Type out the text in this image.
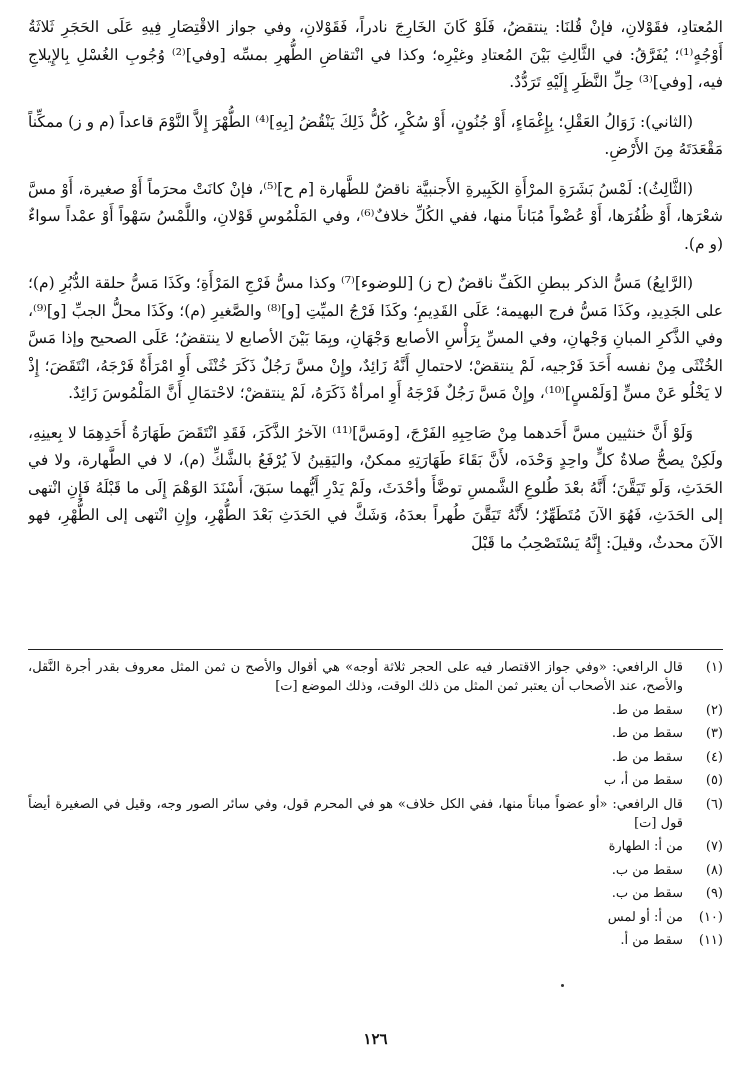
المُعتادِ، فقَوْلانِ، فإنْ قُلنَا: ينتقضُ، فَلَوْ كَانَ الخَارِجَ نادراً، فَقَوْلانِ، وفي جواز الاقْتِصَارِ فِيهِ عَلَى الحَجَرِ ثَلاثَةُ أَوْجُهٍ⁽¹⁾؛ يُفَرَّقُ: في الثَّالِثِ بَيْنَ المُعتادِ وغيْرِه؛ وكذا في انْتقاضِ الطُّهرِ بمسِّه [وفي]⁽²⁾ وُجُوبِ الغُسْلِ بِالإِيلاجِ فيه، [وفي]⁽³⁾ حِلِّ النَّظَرِ إِلَيْهِ تَرَدُّدٌ.

(الثاني): زَوَالُ العَقْلِ؛ بِإِغْمَاءٍ، أَوْ جُنُونٍ، أَوْ سُكْرٍ، كُلُّ ذَلِكَ يَنْقُضُ [بِهِ]⁽⁴⁾ الطُّهْرَ إِلاَّ النَّوْمَ قاعداً (م و ز) ممكِّناً مَقْعَدَتَهُ مِنَ الأَرْضِ.

(الثَّالِثُ): لَمْسُ بَشَرَةِ المرْأَةِ الكَبِيرةِ الأَجنبيَّة ناقضٌ للطَّهارة [م ح]⁽⁵⁾، فإنْ كانَتْ محرَماً أَوْ صغيرة، أَوْ مسَّ شعْرَها، أَوْ ظُفُرَها، أَوْ عُضْواً مُبَاناً منها، ففي الكُلِّ خلافٌ⁽⁶⁾، وفي المَلْمُوسِ قَوْلانِ، واللَّمْسُ سَهْواً أَوْ عمْداً سواءٌ (و م).

(الرَّابِعُ) مَسُّ الذكر ببطنِ الكَفِّ ناقضٌ (ح ز) [للوضوء]⁽⁷⁾ وكذا مسُّ فَرْجِ المَرْأَةِ؛ وكَذَا مَسُّ حلقة الدُّبُرِ (م)؛ على الجَدِيدِ، وكَذَا مَسُّ فرج البهيمة؛ عَلَى القَدِيمِ؛ وكَذَا فَرْجُ الميِّتِ [و]⁽⁸⁾ والصَّغيرِ (م)؛ وكَذَا محلُّ الجبِّ [و]⁽⁹⁾، وفي الذَّكرِ المبانِ وَجْهانِ، وفي المسِّ بِرَأْسِ الأصابع وَجْهَانِ، وبِمَا بَيْنَ الأصابع لا ينتقضُ؛ عَلَى الصحيح وإذا مَسَّ الخُنْثَى مِنْ نفسه أَحَدَ فَرْجيه، لَمْ ينتقضْ؛ لاحتمالِ أَنَّهُ زَائِدٌ، وإِنْ مسَّ رَجُلٌ ذَكَرَ خُنْثَى أَوِ امْرَأَةٌ فَرْجَهُ، انْتَقَضَ؛ إِذْ لا يَخْلُو عَنْ مسٍّ [وَلَمْسٍ]⁽¹⁰⁾، وإِنْ مَسَّ رَجُلٌ فَرْجَهُ أَوِ امرأةٌ ذَكَرَهُ، لَمْ ينتقضْ؛ لاحْتمَالِ أَنَّ المَلْمُوسَ زَائِدٌ.

وَلَوْ أَنَّ خنثيين مسَّ أَحَدهما مِنْ صَاحِبِهِ الفَرْجَ، [ومَسَّ]⁽¹¹⁾ الآخرُ الذَّكَرَ، فَقَدِ انْتَقَضَ طَهَارَةُ أَحَدِهِمَا لا بِعينِهِ، ولَكِنْ يصحُّ صلاةُ كلٍّ واحِدٍ وَحْدَه، لأَنَّ بَقَاءَ طَهَارَتِهِ ممكنٌ، واليَقِينُ لاَ يُرْفَعُ بالشَّكِّ (م)، لا في الطَّهارة، ولا في الحَدَثِ، وَلَو تَيَقَّنَ؛ أَنَّهُ بعْدَ طُلوعِ الشَّمسِ توضَّأَ وأحْدَثَ، ولَمْ يَدْرِ أَيُّهما سبَقَ، أَسْنَدَ الوَهْمَ إِلَى ما قَبْلَهُ فَإِنِ انْتهى إلى الحَدَثِ، فَهُوَ الآنَ مُتَطَهِّرٌ؛ لأَنَّهُ تَيَقَّنَ طُهراً بعدَهُ، وَشَكَّ في الحَدَثِ بَعْدَ الطُّهْرِ، وإِنِ انْتهى إلى الطُّهْرِ، فهو الآنَ محدثٌ، وقيلَ: إِنَّهُ يَسْتَصْحِبُ ما قَبْلَ

(١)
قال الرافعي: «وفي جواز الاقتصار فيه على الحجر ثلاثة أوجه» هي أقوال والأصح ن ثمن المثل معروف بقدر أجرة النَّقل، والأصح، عند الأصحاب أن يعتبر ثمن المثل من ذلك الوقت، وذلك الموضع [ت]
(٢)
سقط من ط.
(٣)
سقط من ط.
(٤)
سقط من ط.
(٥)
سقط من أ، ب
(٦)
قال الرافعي: «أو عضواً مباناً منها، ففي الكل خلاف» هو في المحرم قول، وفي سائر الصور وجه، وقيل في الصغيرة أيضاً قول [ت]
(٧)
من أ: الطهارة
(٨)
سقط من ب.
(٩)
سقط من ب.
(١٠)
من أ: أو لمس
(١١)
سقط من أ.
١٢٦
